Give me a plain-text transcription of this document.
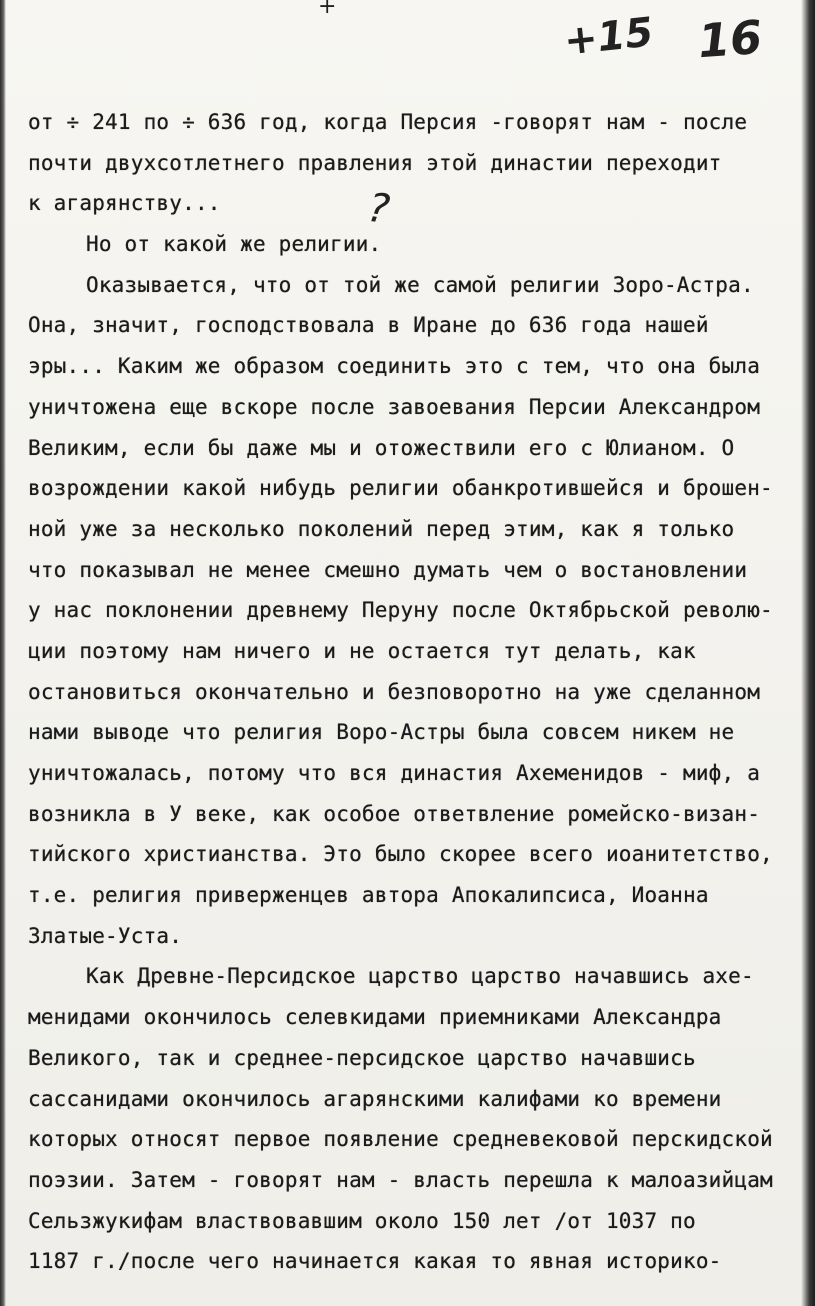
+
+15 16
?
от ÷ 241 по ÷ 636 год, когда Персия -говорят нам - после
почти двухсотлетнего правления этой династии переходит
к агарянству...
Но от какой же религии.
Оказывается, что от той же самой религии Зоро-Астра.
Она, значит, господствовала в Иране до 636 года нашей
эры... Каким же образом соединить это с тем, что она была
уничтожена еще вскоре после завоевания Персии Александром
Великим, если бы даже мы и отожествили его с Юлианом. О
возрождении какой нибудь религии обанкротившейся и брошен-
ной уже за несколько поколений перед этим, как я только
что показывал не менее смешно думать чем о востановлении
у нас поклонении древнему Перуну после Октябрьской револю-
ции поэтому нам ничего и не остается тут делать, как
остановиться окончательно и безповоротно на уже сделанном
нами выводе что религия Воро-Астры была совсем никем не
уничтожалась, потому что вся династия Ахеменидов - миф, а
возникла в У веке, как особое ответвление ромейско-визан-
тийского христианства. Это было скорее всего иоанитетство,
т.е. религия приверженцев автора Апокалипсиса, Иоанна
Златые-Уста.
Как Древне-Персидское царство царство начавшись ахе-
менидами окончилось селевкидами приемниками Александра
Великого, так и среднее-персидское царство начавшись
сассанидами окончилось агарянскими калифами ко времени
которых относят первое появление средневековой перскидской
поэзии. Затем - говорят нам - власть перешла к малоазийцам
Сельзжукифам властвовавшим около 150 лет /от 1037 по
1187 г./после чего начинается какая то явная историко-
